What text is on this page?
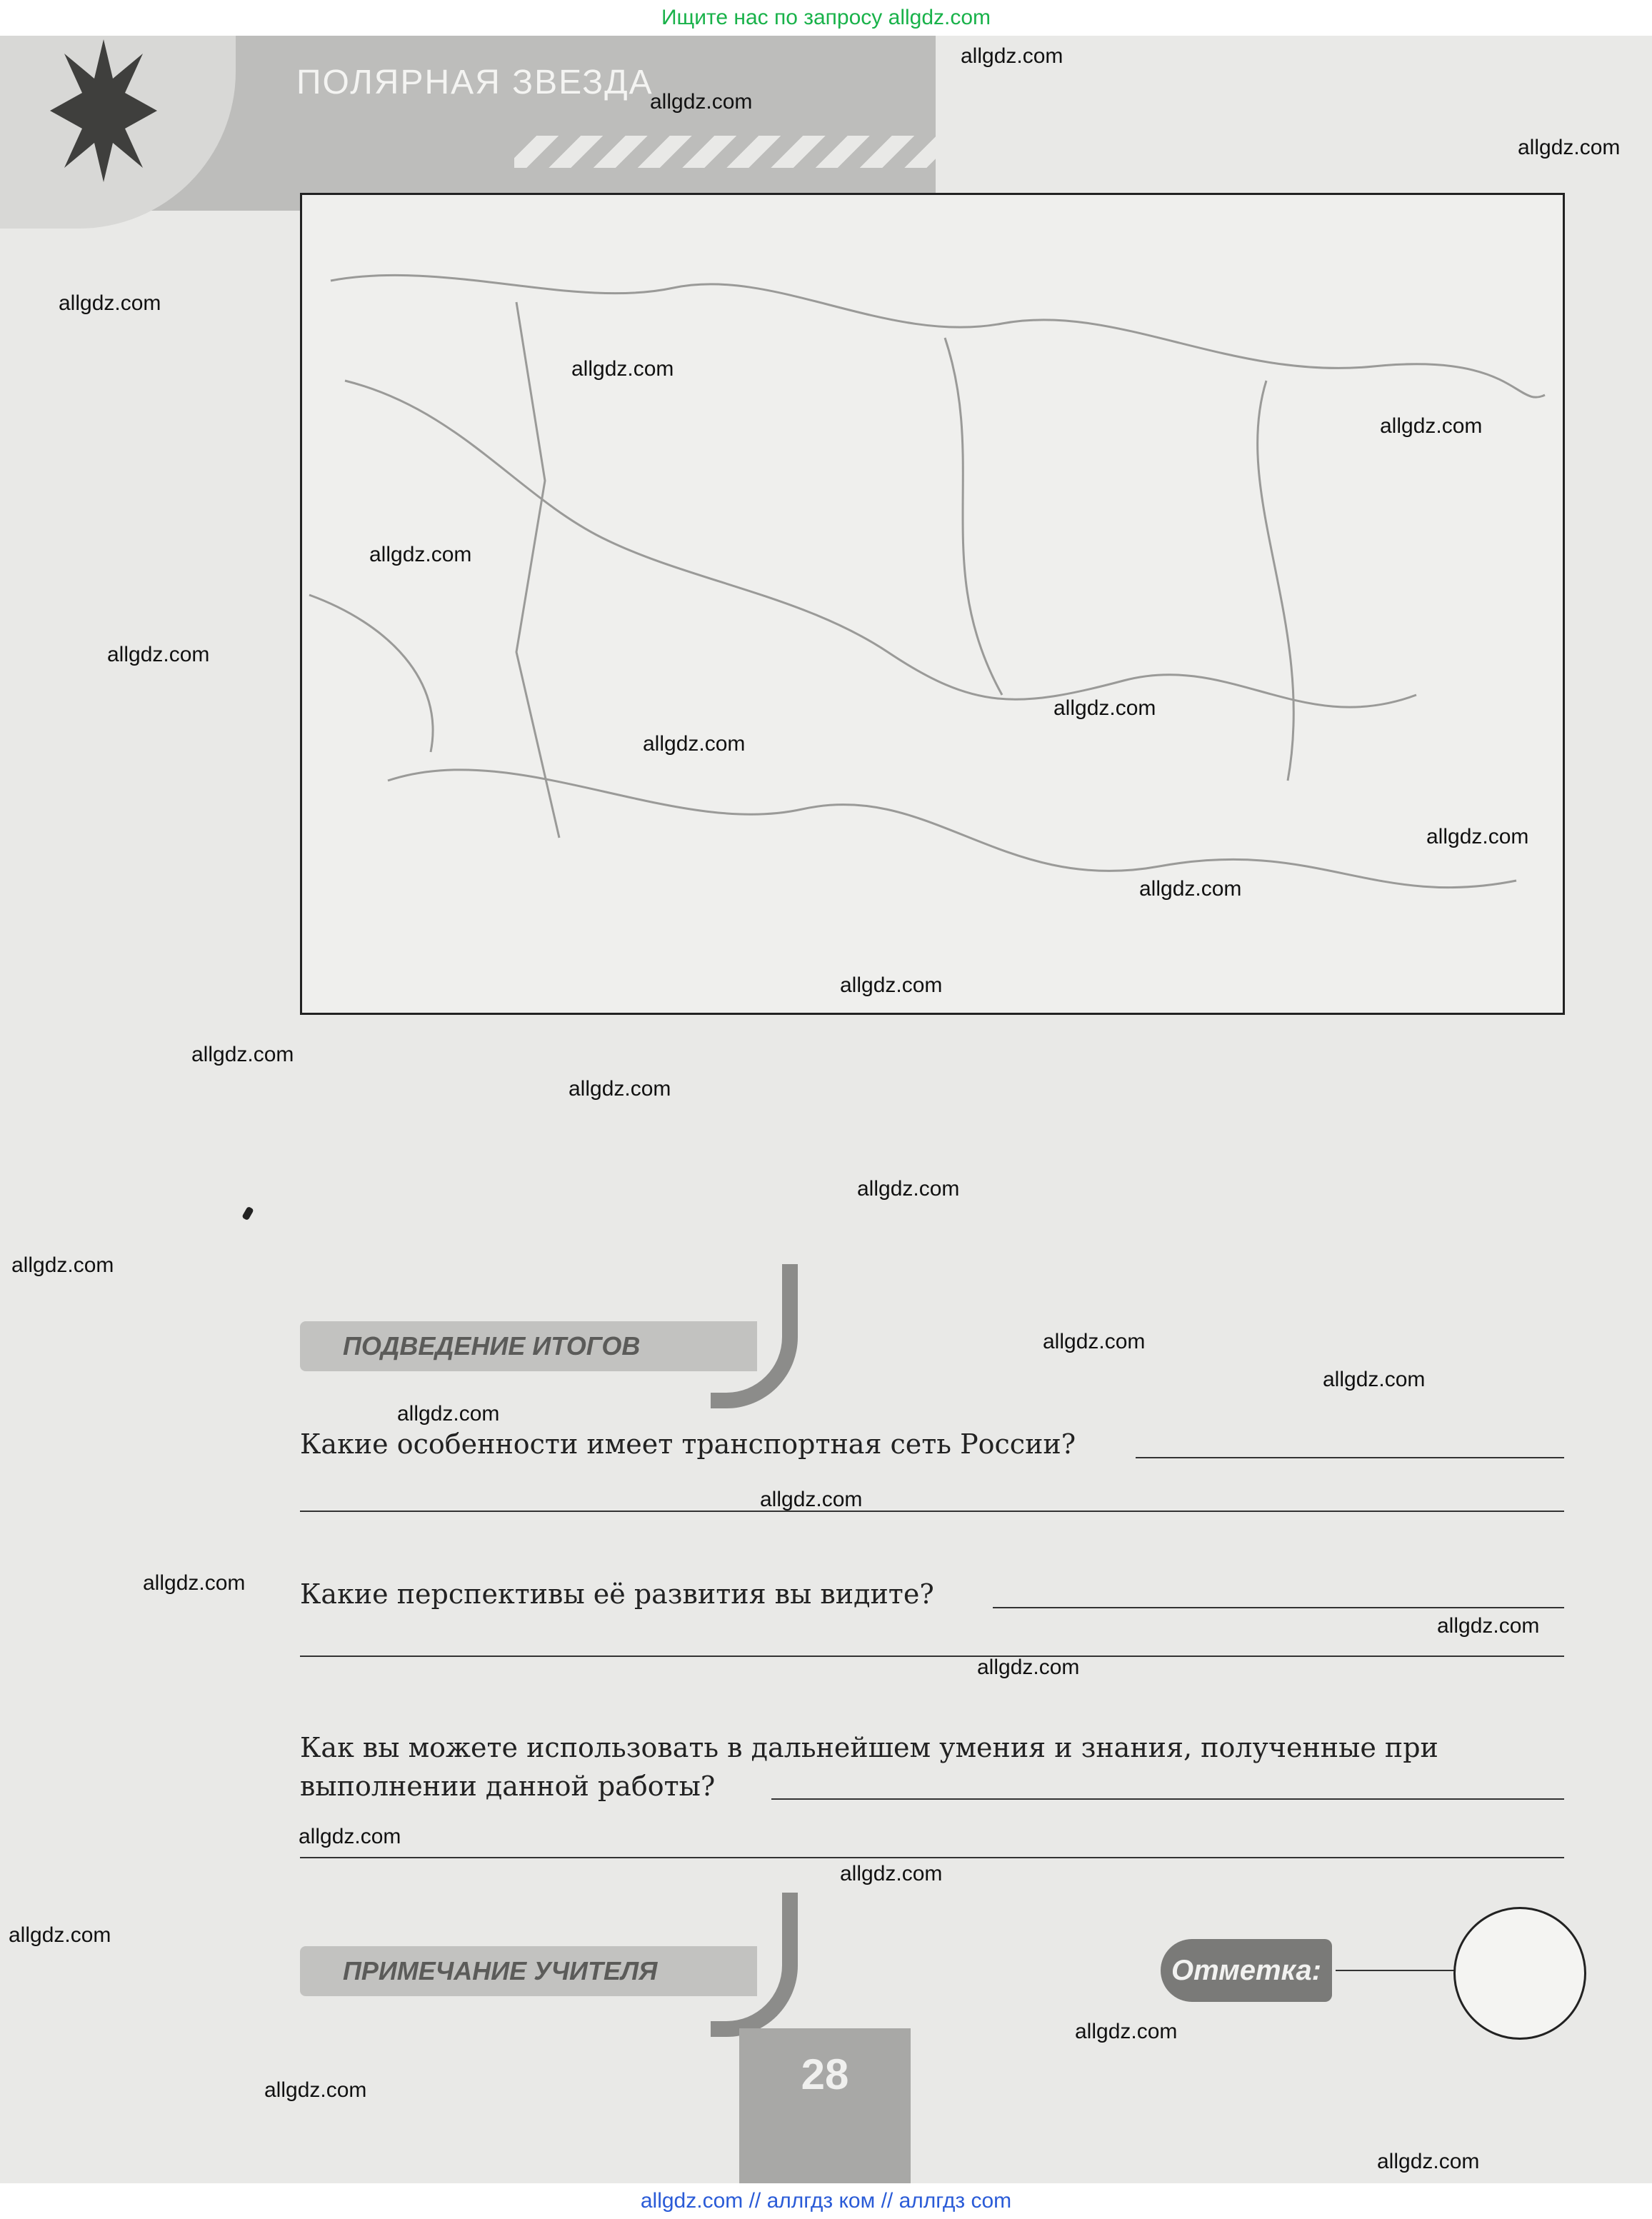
Ищите нас по запросу allgdz.com
ПОЛЯРНАЯ ЗВЕЗДА
ПОДВЕДЕНИЕ ИТОГОВ
Какие особенности имеет транспортная сеть России?
Какие перспективы её развития вы видите?
Как вы можете использовать в дальнейшем умения и знания, полученные при выполнении данной работы?
ПРИМЕЧАНИЕ УЧИТЕЛЯ	Отметка:
28
allgdz.com
allgdz.com
allgdz.com
allgdz.com
allgdz.com
allgdz.com
allgdz.com
allgdz.com
allgdz.com
allgdz.com
allgdz.com
allgdz.com
allgdz.com
allgdz.com
allgdz.com
allgdz.com
allgdz.com
allgdz.com
allgdz.com
allgdz.com
allgdz.com
allgdz.com
allgdz.com
allgdz.com
allgdz.com
allgdz.com
allgdz.com
allgdz.com
allgdz.com
allgdz.com
allgdz.com // аллгдз ком // аллгдз com
